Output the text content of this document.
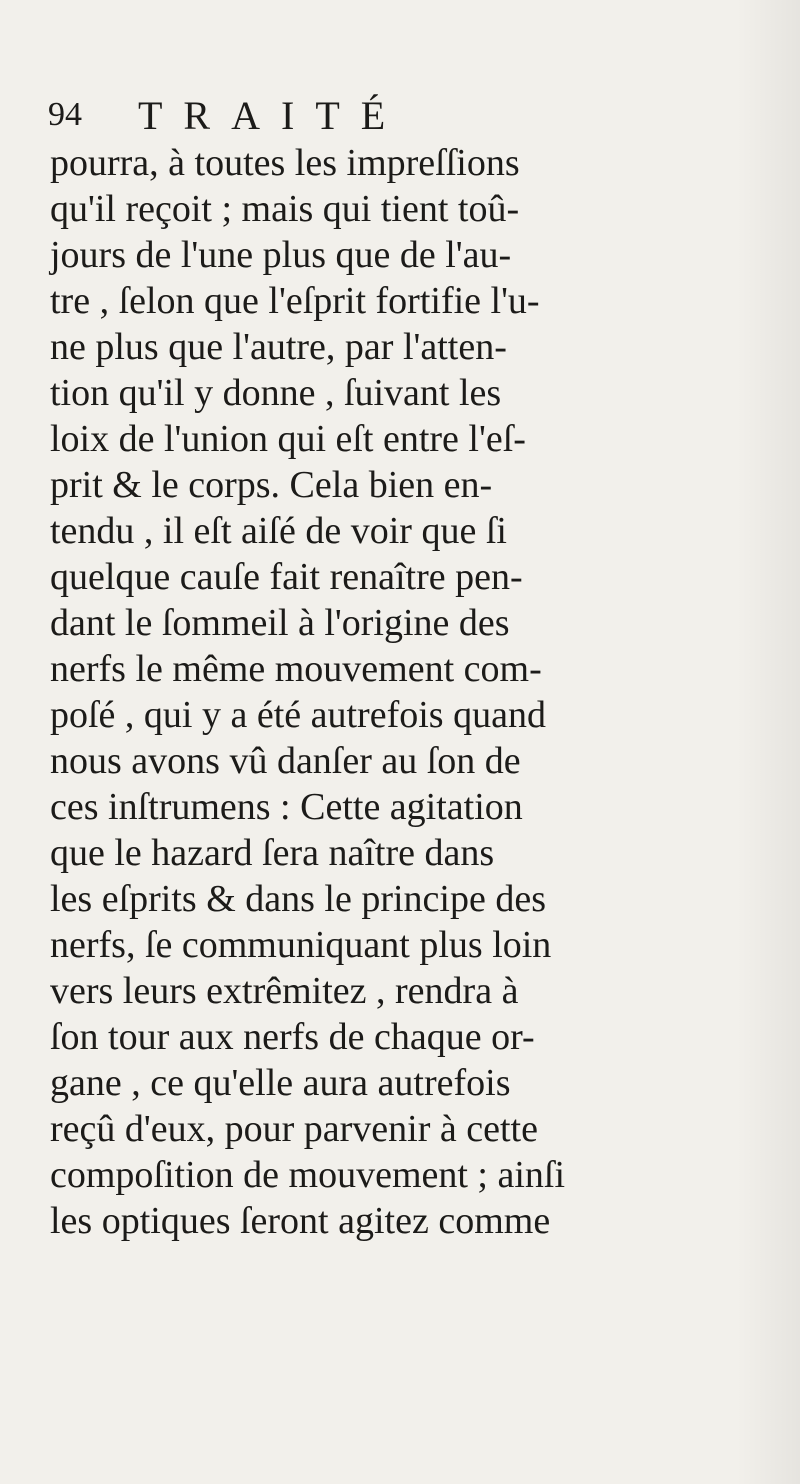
94 TRAITÉ
pourra, à toutes les impreſſions
qu'il reçoit ; mais qui tient toû-
jours de l'une plus que de l'au-
tre , ſelon que l'eſprit fortifie l'u-
ne plus que l'autre, par l'atten-
tion qu'il y donne , ſuivant les
loix de l'union qui eſt entre l'eſ-
prit & le corps. Cela bien en-
tendu , il eſt aiſé de voir que ſi
quelque cauſe fait renaître pen-
dant le ſommeil à l'origine des
nerfs le même mouvement com-
poſé , qui y a été autrefois quand
nous avons vû danſer au ſon de
ces inſtrumens : Cette agitation
que le hazard ſera naître dans
les eſprits & dans le principe des
nerfs, ſe communiquant plus loin
vers leurs extrêmitez , rendra à
ſon tour aux nerfs de chaque or-
gane , ce qu'elle aura autrefois
reçû d'eux, pour parvenir à cette
compoſition de mouvement ; ainſi
les optiques ſeront agitez comme
